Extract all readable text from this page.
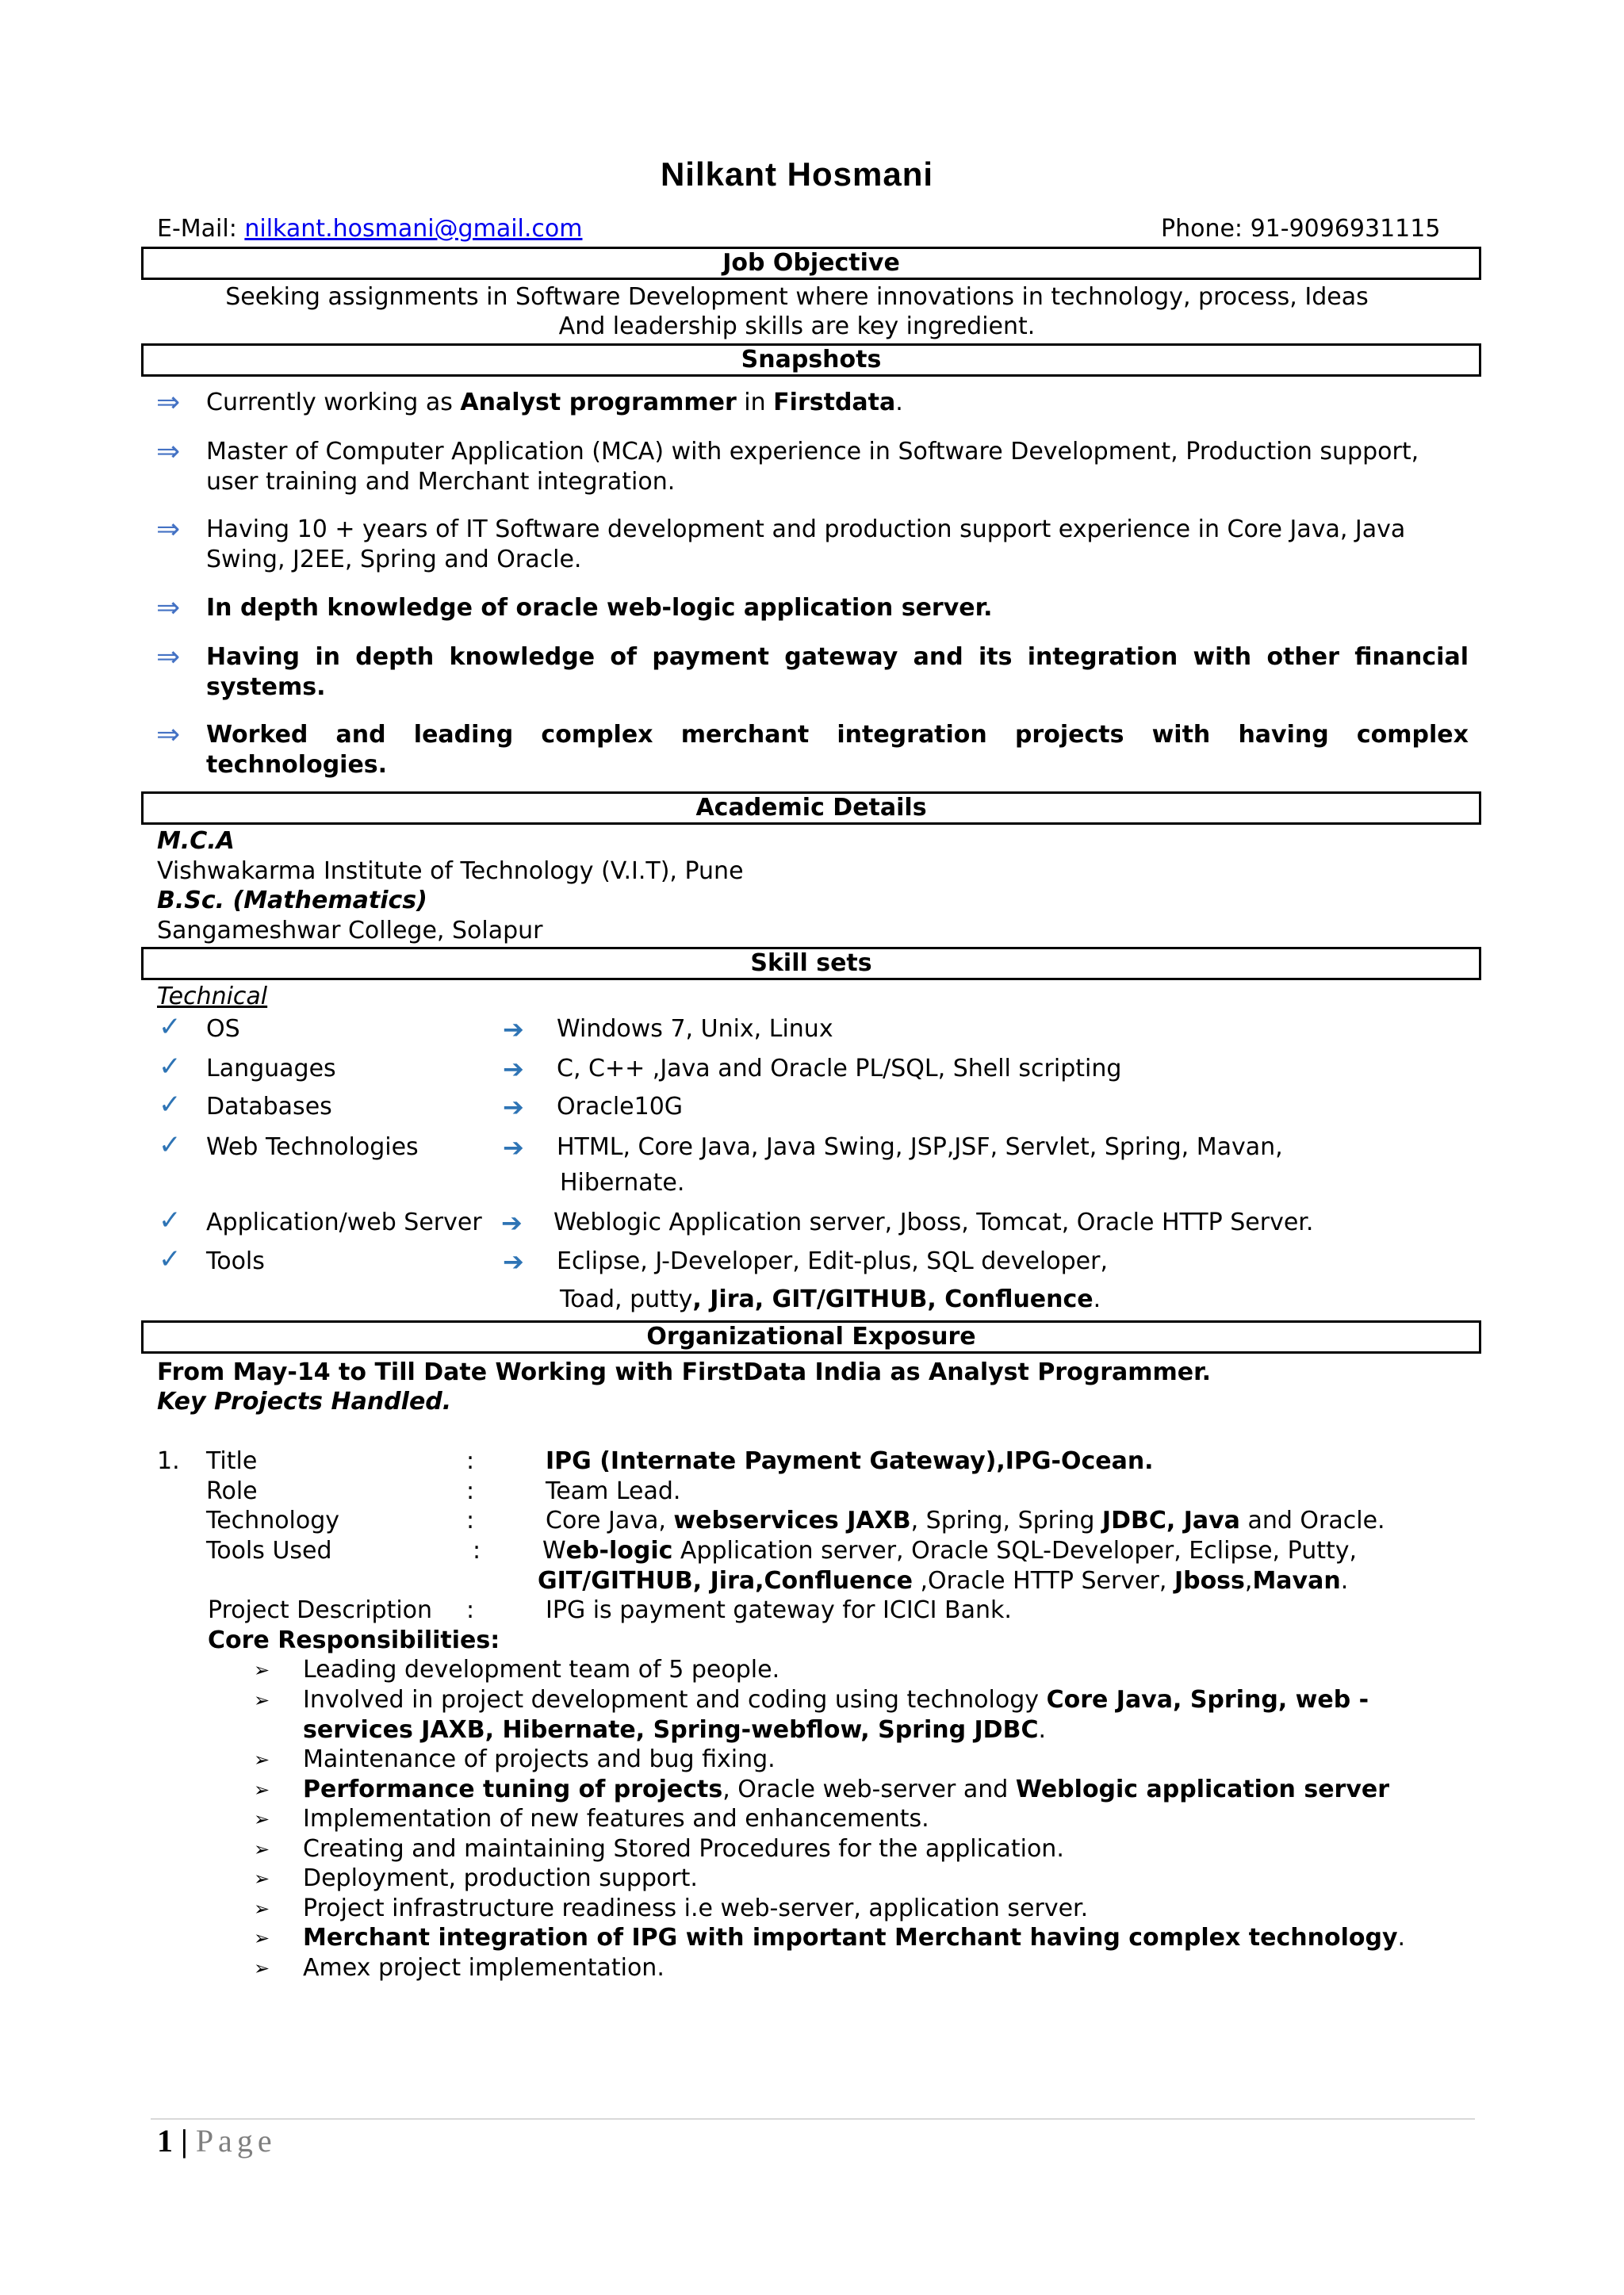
Nilkant Hosmani
E-Mail: nilkant.hosmani@gmail.com	Phone: 91-9096931115
Job Objective
Seeking assignments in Software Development where innovations in technology, process, Ideas
And leadership skills are key ingredient.
Snapshots
⇒ Currently working as Analyst programmer in Firstdata.
⇒ Master of Computer Application (MCA) with experience in Software Development, Production support, user training and Merchant integration.
⇒ Having 10 + years of IT Software development and production support experience in Core Java, Java Swing, J2EE, Spring and Oracle.
⇒ In depth knowledge of oracle web-logic application server.
⇒ Having in depth knowledge of payment gateway and its integration with other financial systems.
⇒ Worked and leading complex merchant integration projects with having complex technologies.
Academic Details
M.C.A
Vishwakarma Institute of Technology (V.I.T), Pune
B.Sc. (Mathematics)
Sangameshwar College, Solapur
Skill sets
Technical
✓ OS	➔ Windows 7, Unix, Linux
✓ Languages	➔ C, C++ ,Java and Oracle PL/SQL, Shell scripting
✓ Databases	➔ Oracle10G
✓ Web Technologies	➔ HTML, Core Java, Java Swing, JSP,JSF, Servlet, Spring, Mavan,
Hibernate.
✓ Application/web Server ➔ Weblogic Application server, Jboss, Tomcat, Oracle HTTP Server.
✓ Tools	➔ Eclipse, J-Developer, Edit-plus, SQL developer,
Toad, putty, Jira, GIT/GITHUB, Confluence.
Organizational Exposure
From May-14 to Till Date Working with FirstData India as Analyst Programmer.
Key Projects Handled.
1. Title	:	IPG (Internate Payment Gateway),IPG-Ocean.
Role	:	Team Lead.
Technology	:	Core Java, webservices JAXB, Spring, Spring JDBC, Java and Oracle.
Tools Used	:	Web-logic Application server, Oracle SQL-Developer, Eclipse, Putty,
GIT/GITHUB, Jira,Confluence ,Oracle HTTP Server, Jboss,Mavan.
Project Description :	IPG is payment gateway for ICICI Bank.
Core Responsibilities:
➢ Leading development team of 5 people.
➢ Involved in project development and coding using technology Core Java, Spring, web -
services JAXB, Hibernate, Spring-webflow, Spring JDBC.
➢ Maintenance of projects and bug fixing.
➢ Performance tuning of projects, Oracle web-server and Weblogic application server
➢ Implementation of new features and enhancements.
➢ Creating and maintaining Stored Procedures for the application.
➢ Deployment, production support.
➢ Project infrastructure readiness i.e web-server, application server.
➢ Merchant integration of IPG with important Merchant having complex technology.
➢ Amex project implementation.
1 | Page
